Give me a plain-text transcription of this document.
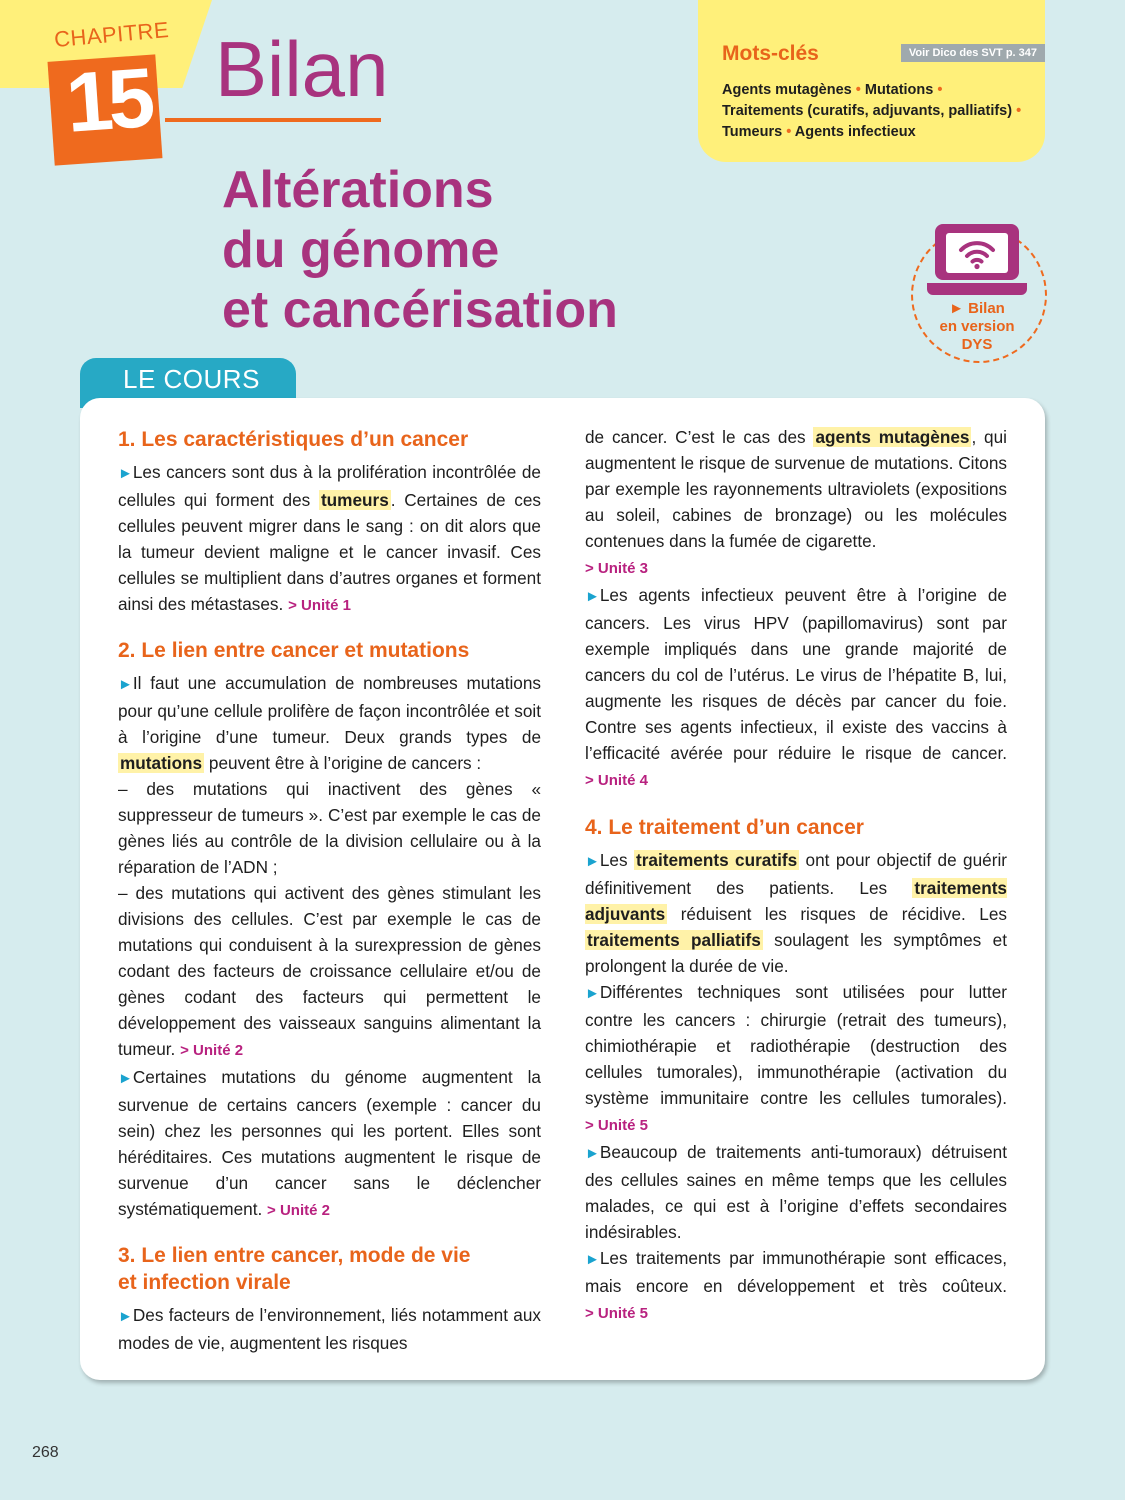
CHAPITRE
15 Bilan
Altérations
du génome
et cancérisation
Mots-clés	Voir Dico des SVT p. 347
Agents mutagènes • Mutations •
Traitements (curatifs, adjuvants, palliatifs) • Tumeurs • Agents infectieux
► Bilan
en version
DYS
LE COURS
1. Les caractéristiques d’un cancer

►Les cancers sont dus à la prolifération incontrôlée de cellules qui forment des tumeurs . Certaines de ces cellules peuvent migrer dans le sang : on dit alors que la tumeur devient maligne et le cancer invasif. Ces cellules se multiplient dans d’autres organes et forment ainsi des métastases. > Unité 1

2. Le lien entre cancer et mutations

►Il faut une accumulation de nombreuses mutations pour qu’une cellule prolifère de façon incontrôlée et soit à l’origine d’une tumeur. Deux grands types de mutations peuvent être à l’origine de cancers :

– des mutations qui inactivent des gènes « suppresseur de tumeurs ». C’est par exemple le cas de gènes liés au contrôle de la division cellulaire ou à la réparation de l’ADN ;

– des mutations qui activent des gènes stimulant les divisions des cellules. C’est par exemple le cas de mutations qui conduisent à la surexpression de gènes codant des facteurs de croissance cellulaire et/ou de gènes codant des facteurs qui permettent le développement des vaisseaux sanguins alimentant la tumeur. > Unité 2

►Certaines mutations du génome augmentent la survenue de certains cancers (exemple : cancer du sein) chez les personnes qui les portent. Elles sont héréditaires. Ces mutations augmentent le risque de survenue d’un cancer sans le déclencher systématiquement. > Unité 2

3. Le lien entre cancer, mode de vie
et infection virale

►Des facteurs de l’environnement, liés notamment aux modes de vie, augmentent les risques

de cancer. C’est le cas des agents mutagènes , qui augmentent le risque de survenue de mutations. Citons par exemple les rayonnements ultraviolets (expositions au soleil, cabines de bronzage) ou les molécules contenues dans la fumée de cigarette.
> Unité 3

►Les agents infectieux peuvent être à l’origine de cancers. Les virus HPV (papillomavirus) sont par exemple impliqués dans une grande majorité de cancers du col de l’utérus. Le virus de l’hépatite B, lui, augmente les risques de décès par cancer du foie. Contre ses agents infectieux, il existe des vaccins à l’efficacité avérée pour réduire le risque de cancer. > Unité 4

4. Le traitement d’un cancer

►Les traitements curatifs ont pour objectif de guérir définitivement des patients. Les traitements adjuvants réduisent les risques de récidive. Les traitements palliatifs soulagent les symptômes et prolongent la durée de vie.

►Différentes techniques sont utilisées pour lutter contre les cancers : chirurgie (retrait des tumeurs), chimiothérapie et radiothérapie (destruction des cellules tumorales), immunothérapie (activation du système immunitaire contre les cellules tumorales). > Unité 5

►Beaucoup de traitements anti-tumoraux) détruisent des cellules saines en même temps que les cellules malades, ce qui est à l’origine d’effets secondaires indésirables.

►Les traitements par immunothérapie sont efficaces, mais encore en développement et très coûteux. > Unité 5

268
